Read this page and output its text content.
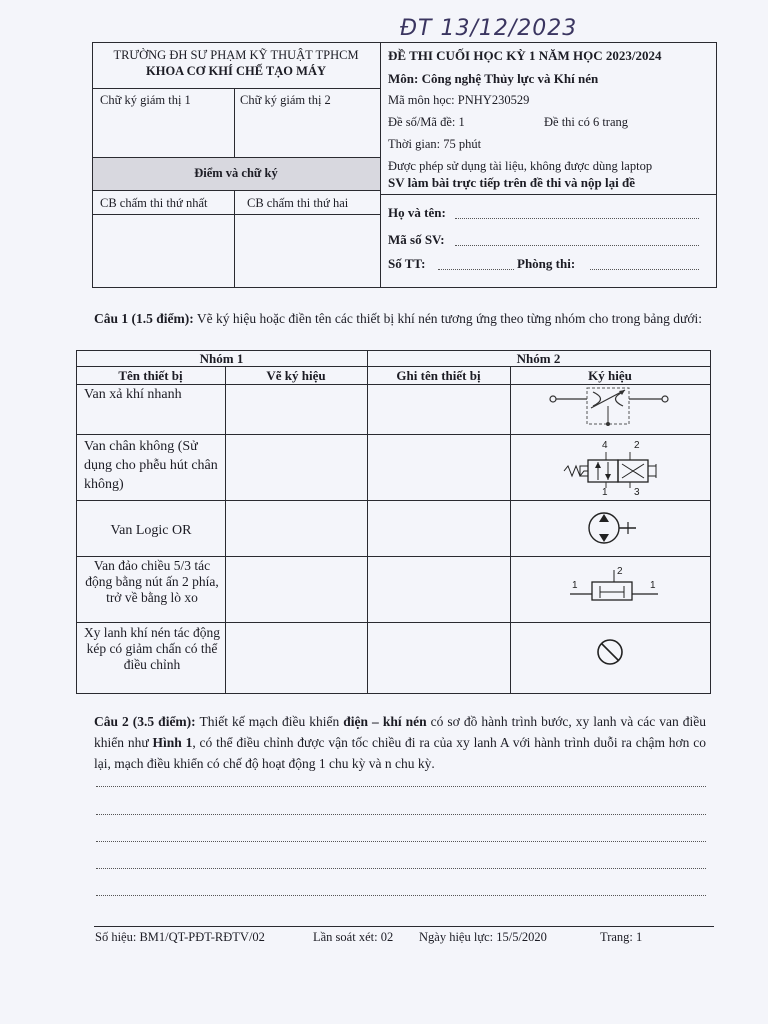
ĐT 13/12/2023
TRƯỜNG ĐH SƯ PHẠM KỸ THUẬT TPHCM
KHOA CƠ KHÍ CHẾ TẠO MÁY
Chữ ký giám thị 1	Chữ ký giám thị 2
Điểm và chữ ký
CB chấm thi thứ nhất	CB chấm thi thứ hai
ĐỀ THI CUỐI HỌC KỲ 1 NĂM HỌC 2023/2024
Môn: Công nghệ Thủy lực và Khí nén
Mã môn học: PNHY230529
Đề số/Mã đề: 1	Đề thi có 6 trang
Thời gian: 75 phút
Được phép sử dụng tài liệu, không được dùng laptop
SV làm bài trực tiếp trên đề thi và nộp lại đề
Họ và tên:
Mã số SV:
Số TT:	Phòng thi:
Câu 1 (1.5 điểm): Vẽ ký hiệu hoặc điền tên các thiết bị khí nén tương ứng theo từng nhóm cho trong bảng dưới:
Nhóm 1	Nhóm 2
Tên thiết bị	Vẽ ký hiệu	Ghi tên thiết bị	Ký hiệu
Van xả khí nhanh
Van chân không (Sử dụng cho phễu hút chân không)
Van Logic OR
Van đảo chiều 5/3 tác động bằng nút ấn 2 phía, trở về bằng lò xo
Xy lanh khí nén tác động kép có giảm chấn có thể điều chỉnh
4	2
1	3
2
1	1
Câu 2 (3.5 điểm): Thiết kế mạch điều khiển điện – khí nén có sơ đồ hành trình bước, xy lanh và các van điều khiển như Hình 1, có thể điều chỉnh được vận tốc chiều đi ra của xy lanh A với hành trình duỗi ra chậm hơn co lại, mạch điều khiển có chế độ hoạt động 1 chu kỳ và n chu kỳ.
Số hiệu: BM1/QT-PĐT-RĐTV/02	Lần soát xét: 02 Ngày hiệu lực: 15/5/2020	Trang: 1
